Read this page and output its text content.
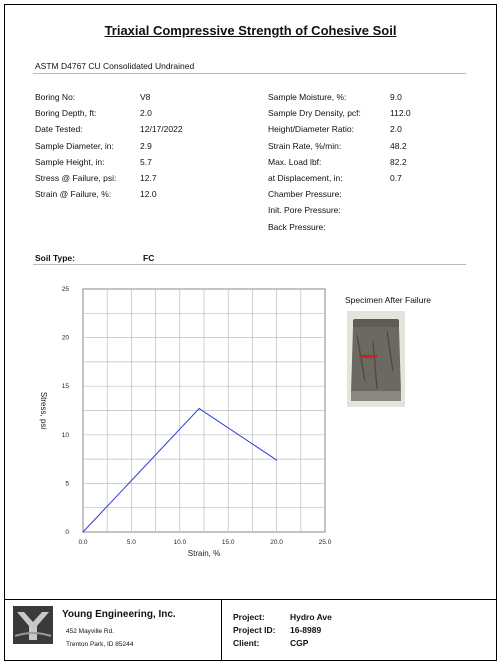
Triaxial Compressive Strength of Cohesive Soil
ASTM D4767 CU Consolidated Undrained
Boring No:	V8
Boring Depth, ft:	2.0
Date Tested:	12/17/2022
Sample Diameter, in:	2.9
Sample Height, in:	5.7
Stress @ Failure, psi:	12.7
Strain @ Failure, %:	12.0
Sample Moisture, %:	9.0
Sample Dry Density, pcf:	112.0
Height/Diameter Ratio:	2.0
Strain Rate, %/min:	48.2
Max. Load lbf:	82.2
at Displacement, in:	0.7
Chamber Pressure:
Init. Pore Pressure:
Back Pressure:
Soil Type:	FC
0.0	5.0	10.0	15.0	20.0	25.0
0
5
10
15
20
25
Strain, %
Stress, psi
Specimen After Failure
Young Engineering, Inc.
452 Mayville Rd.
Trenton Park, ID 85244
Project:	Hydro Ave
Project ID: 16-8989
Client:	CGP
